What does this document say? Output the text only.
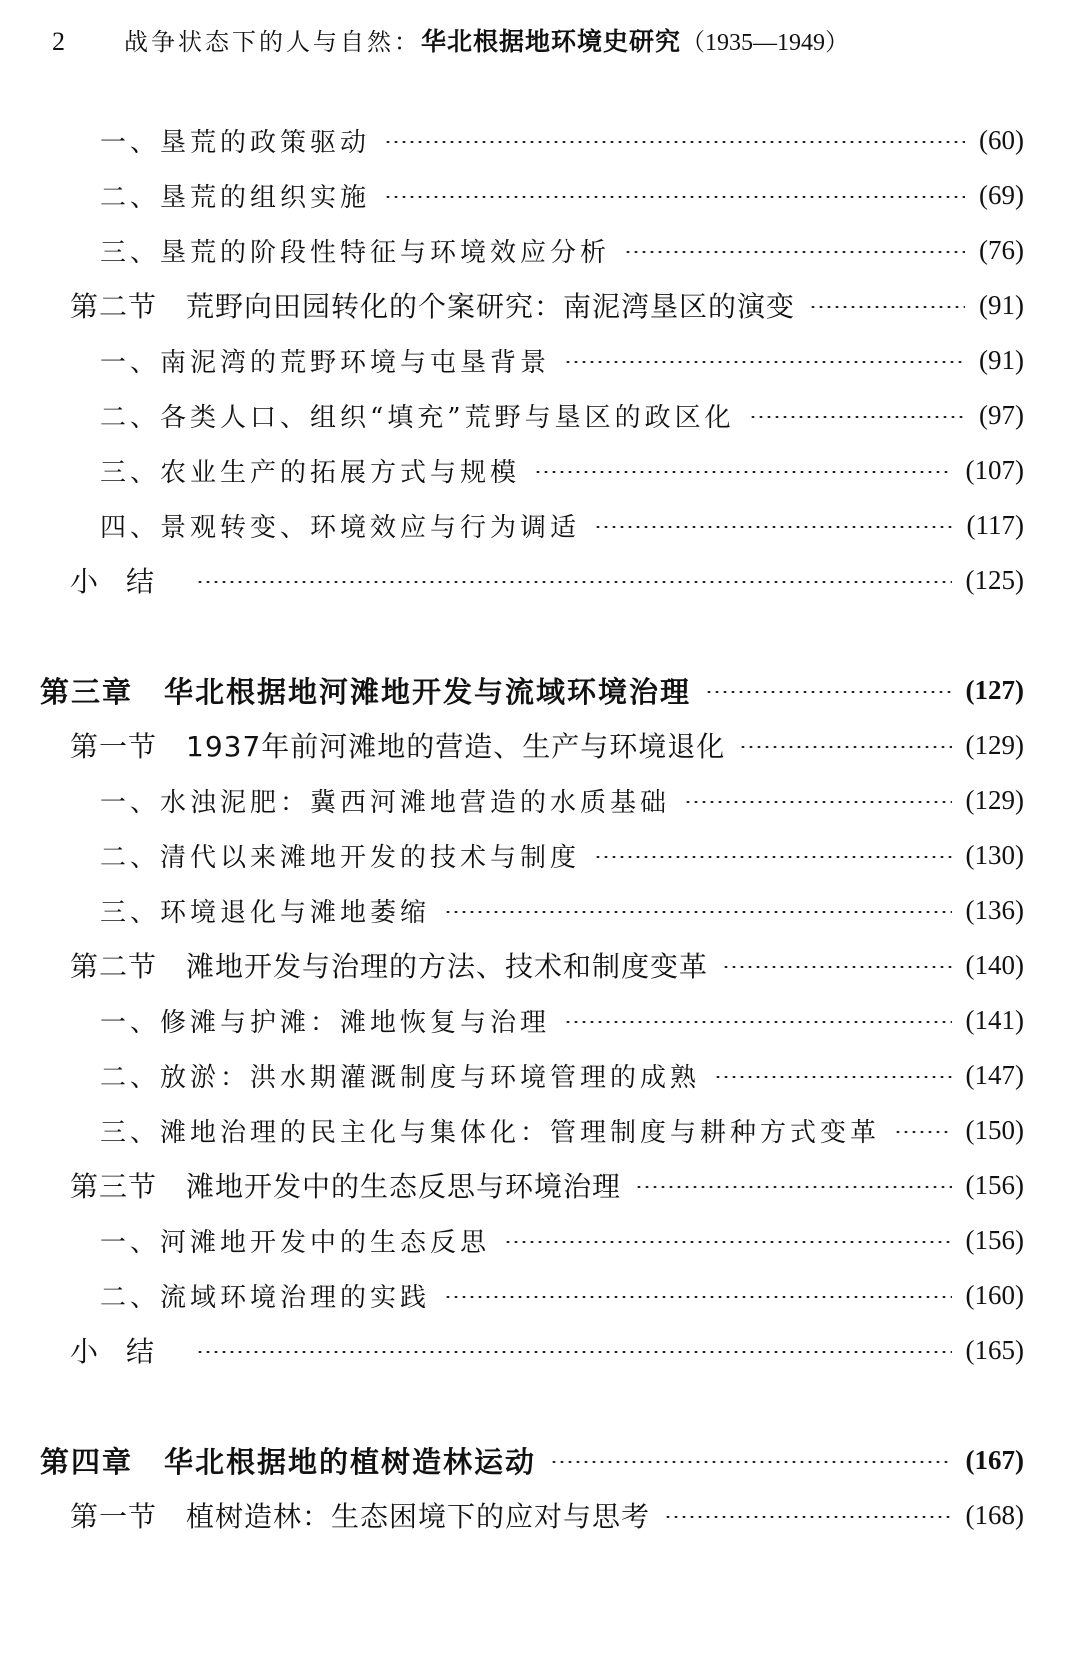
2	战争状态下的人与自然： 华北根据地环境史研究 （1935—1949）
一、垦荒的政策驱动	(60)
二、垦荒的组织实施	(69)
三、垦荒的阶段性特征与环境效应分析	(76)
第二节　荒野向田园转化的个案研究：南泥湾垦区的演变	(91)
一、南泥湾的荒野环境与屯垦背景	(91)
二、各类人口、组织“填充”荒野与垦区的政区化	(97)
三、农业生产的拓展方式与规模	(107)
四、景观转变、环境效应与行为调适	(117)
小结	(125)
第三章　华北根据地河滩地开发与流域环境治理	(127)
第一节　1937年前河滩地的营造、生产与环境退化	(129)
一、水浊泥肥：冀西河滩地营造的水质基础	(129)
二、清代以来滩地开发的技术与制度	(130)
三、环境退化与滩地萎缩	(136)
第二节　滩地开发与治理的方法、技术和制度变革	(140)
一、修滩与护滩：滩地恢复与治理	(141)
二、放淤：洪水期灌溉制度与环境管理的成熟	(147)
三、滩地治理的民主化与集体化：管理制度与耕种方式变革	(150)
第三节　滩地开发中的生态反思与环境治理	(156)
一、河滩地开发中的生态反思	(156)
二、流域环境治理的实践	(160)
小结	(165)
第四章　华北根据地的植树造林运动	(167)
第一节　植树造林：生态困境下的应对与思考	(168)
